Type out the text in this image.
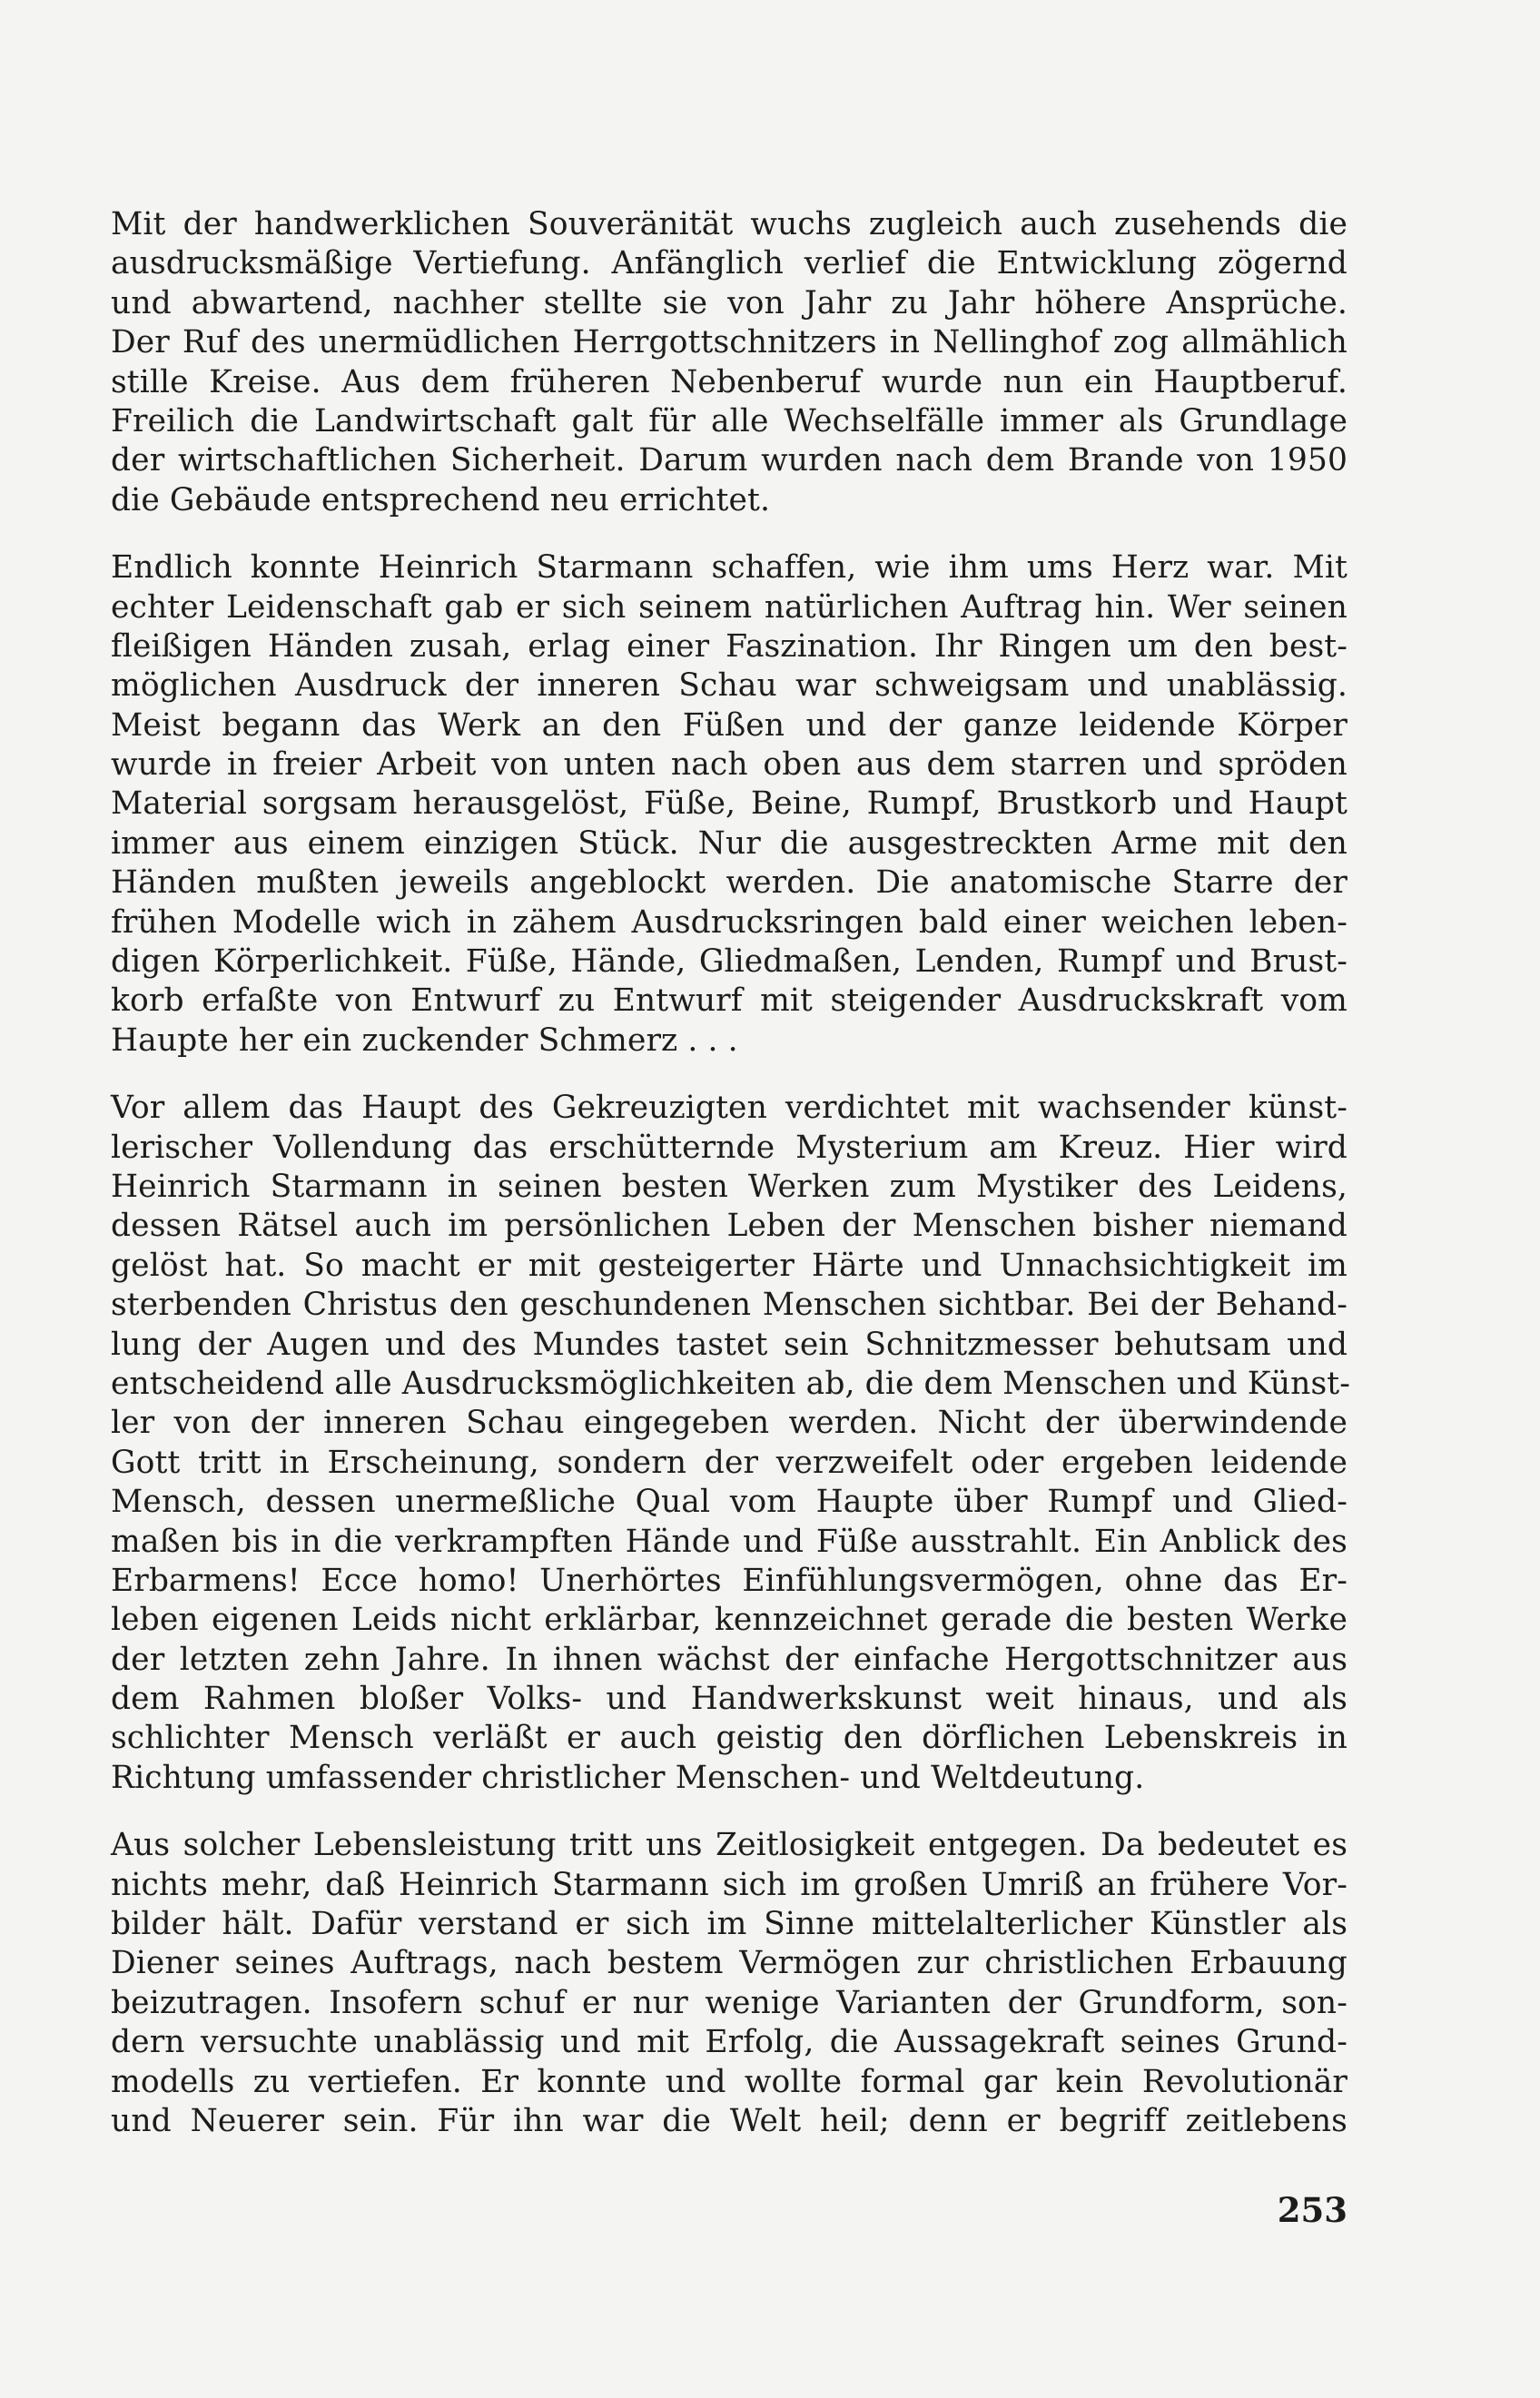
Mit der handwerklichen Souveränität wuchs zugleich auch zusehends die
ausdrucksmäßige Vertiefung. Anfänglich verlief die Entwicklung zögernd
und abwartend, nachher stellte sie von Jahr zu Jahr höhere Ansprüche.
Der Ruf des unermüdlichen Herrgottschnitzers in Nellinghof zog allmählich
stille Kreise. Aus dem früheren Nebenberuf wurde nun ein Hauptberuf.
Freilich die Landwirtschaft galt für alle Wechselfälle immer als Grundlage
der wirtschaftlichen Sicherheit. Darum wurden nach dem Brande von 1950
die Gebäude entsprechend neu errichtet.
Endlich konnte Heinrich Starmann schaffen, wie ihm ums Herz war. Mit
echter Leidenschaft gab er sich seinem natürlichen Auftrag hin. Wer seinen
fleißigen Händen zusah, erlag einer Faszination. Ihr Ringen um den best-
möglichen Ausdruck der inneren Schau war schweigsam und unablässig.
Meist begann das Werk an den Füßen und der ganze leidende Körper
wurde in freier Arbeit von unten nach oben aus dem starren und spröden
Material sorgsam herausgelöst, Füße, Beine, Rumpf, Brustkorb und Haupt
immer aus einem einzigen Stück. Nur die ausgestreckten Arme mit den
Händen mußten jeweils angeblockt werden. Die anatomische Starre der
frühen Modelle wich in zähem Ausdrucksringen bald einer weichen leben-
digen Körperlichkeit. Füße, Hände, Gliedmaßen, Lenden, Rumpf und Brust-
korb erfaßte von Entwurf zu Entwurf mit steigender Ausdruckskraft vom
Haupte her ein zuckender Schmerz . . .
Vor allem das Haupt des Gekreuzigten verdichtet mit wachsender künst-
lerischer Vollendung das erschütternde Mysterium am Kreuz. Hier wird
Heinrich Starmann in seinen besten Werken zum Mystiker des Leidens,
dessen Rätsel auch im persönlichen Leben der Menschen bisher niemand
gelöst hat. So macht er mit gesteigerter Härte und Unnachsichtigkeit im
sterbenden Christus den geschundenen Menschen sichtbar. Bei der Behand-
lung der Augen und des Mundes tastet sein Schnitzmesser behutsam und
entscheidend alle Ausdrucksmöglichkeiten ab, die dem Menschen und Künst-
ler von der inneren Schau eingegeben werden. Nicht der überwindende
Gott tritt in Erscheinung, sondern der verzweifelt oder ergeben leidende
Mensch, dessen unermeßliche Qual vom Haupte über Rumpf und Glied-
maßen bis in die verkrampften Hände und Füße ausstrahlt. Ein Anblick des
Erbarmens! Ecce homo! Unerhörtes Einfühlungsvermögen, ohne das Er-
leben eigenen Leids nicht erklärbar, kennzeichnet gerade die besten Werke
der letzten zehn Jahre. In ihnen wächst der einfache Hergottschnitzer aus
dem Rahmen bloßer Volks- und Handwerkskunst weit hinaus, und als
schlichter Mensch verläßt er auch geistig den dörflichen Lebenskreis in
Richtung umfassender christlicher Menschen- und Weltdeutung.
Aus solcher Lebensleistung tritt uns Zeitlosigkeit entgegen. Da bedeutet es
nichts mehr, daß Heinrich Starmann sich im großen Umriß an frühere Vor-
bilder hält. Dafür verstand er sich im Sinne mittelalterlicher Künstler als
Diener seines Auftrags, nach bestem Vermögen zur christlichen Erbauung
beizutragen. Insofern schuf er nur wenige Varianten der Grundform, son-
dern versuchte unablässig und mit Erfolg, die Aussagekraft seines Grund-
modells zu vertiefen. Er konnte und wollte formal gar kein Revolutionär
und Neuerer sein. Für ihn war die Welt heil; denn er begriff zeitlebens
253
